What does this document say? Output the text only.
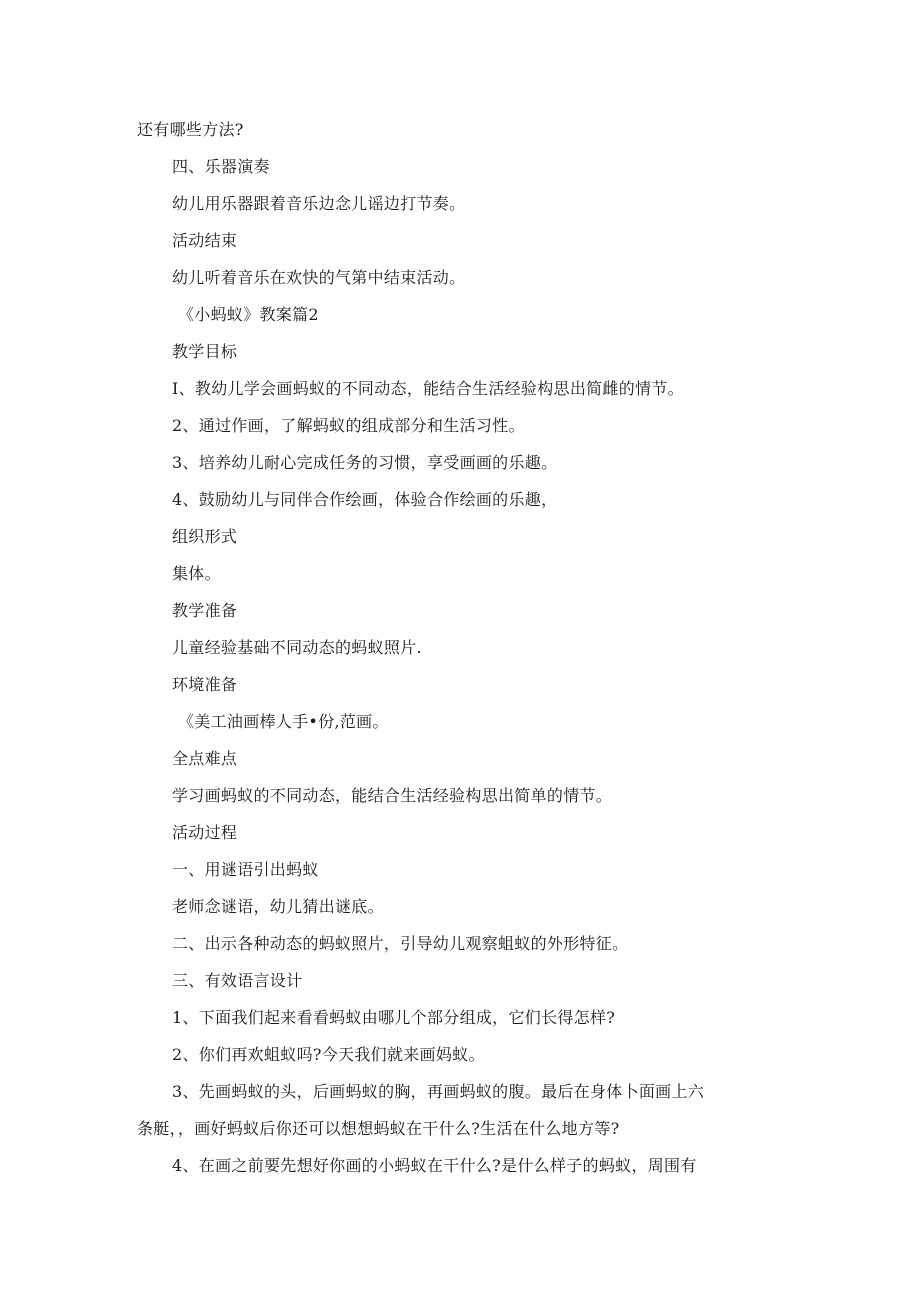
还有哪些方法?
四、乐器演奏
幼儿用乐器跟着音乐边念儿谣边打节奏。
活动结束
幼儿听着音乐在欢快的气第中结束活动。
《小蚂蚁》教案篇2
教学目标
I、教幼儿学会画蚂蚁的不同动态，能结合生活经验构思出简雌的情节。
2、通过作画，了解蚂蚁的组成部分和生活习性。
3、培养幼儿耐心完成任务的习惯，享受画画的乐趣。
4、鼓励幼儿与同伴合作绘画，体验合作绘画的乐趣，
组织形式
集体。
教学准备
儿童经验基础不同动态的蚂蚁照片.
环境准备
《美工油画棒人手•份,范画。
全点难点
学习画蚂蚁的不同动态，能结合生活经验构思出简单的情节。
活动过程
一、用谜语引出蚂蚁
老师念谜语，幼儿猜出谜底。
二、出示各种动态的蚂蚁照片，引导幼儿观察蛆蚁的外形特征。
三、有效语言设计
1、下面我们起来看看蚂蚁由哪儿个部分组成，它们长得怎样?
2、你们再欢蛆蚁吗?今天我们就来画妈蚁。
3、先画蚂蚁的头，后画蚂蚁的胸，再画蚂蚁的腹。最后在身体卜面画上六
条艇，，画好蚂蚁后你还可以想想蚂蚁在干什么?生活在什么地方等?
4、在画之前要先想好你画的小蚂蚁在干什么?是什么样子的蚂蚁，周围有
